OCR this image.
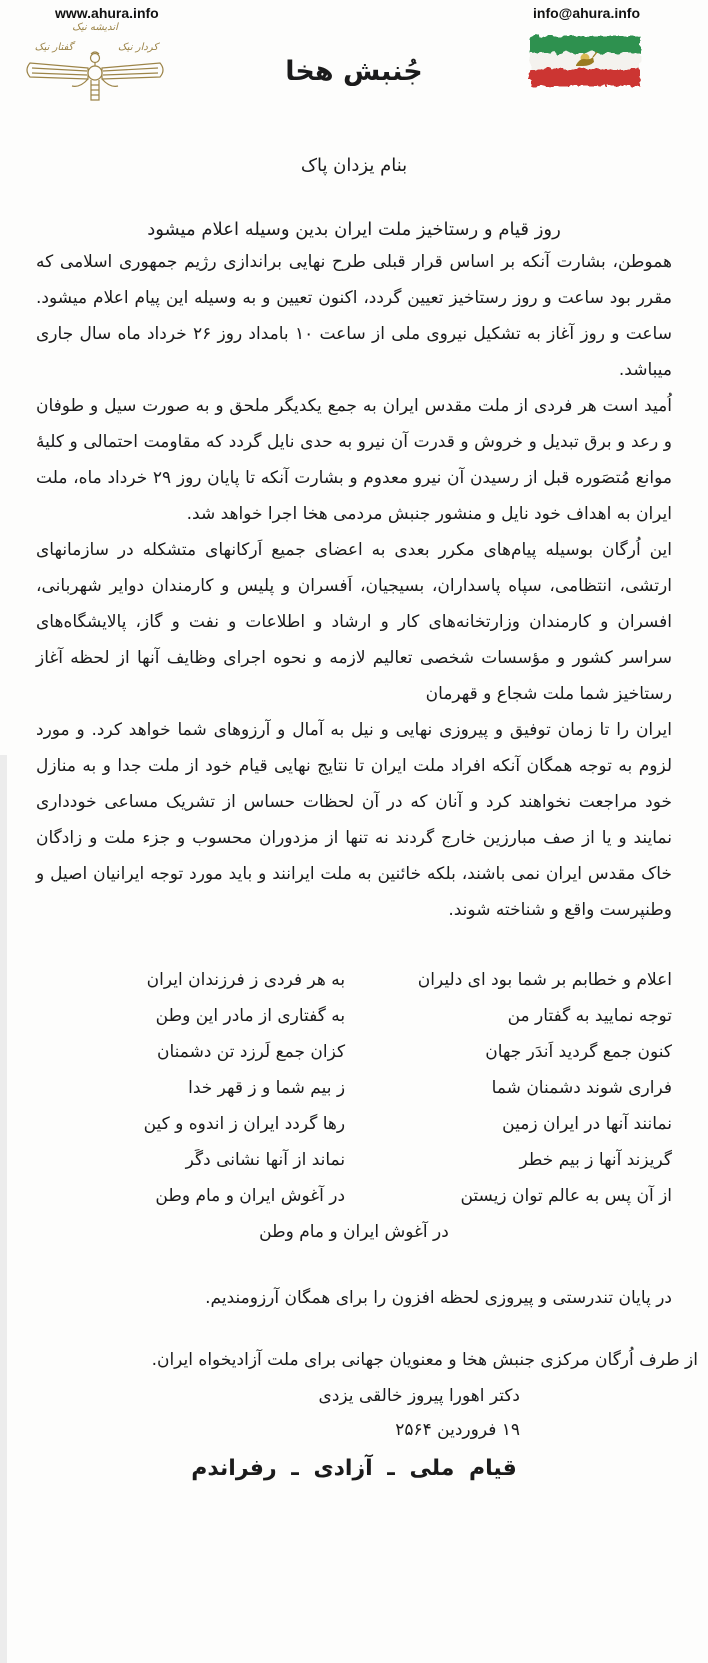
www.ahura.info	info@ahura.info
اندیشه نیک
گفتار نیک	کردار نیک
جُنبش هخا
بنام یزدان پاک
روز قیام و رستاخیز ملت ایران بدین وسیله اعلام میشود

هموطن، بشارت آنکه بر اساس قرار قبلی طرح نهایی براندازی رژیم جمهوری اسلامی که مقرر بود ساعت و روز رستاخیز تعیین گردد، اکنون تعیین و به وسیله این پیام اعلام میشود. ساعت و روز آغاز به تشکیل نیروی ملی از ساعت ۱۰ بامداد روز ۲۶ خرداد ماه سال جاری میباشد.

اُمید است هر فردی از ملت مقدس ایران به جمع یکدیگر ملحق و به صورت سیل و طوفان و رعد و برق تبدیل و خروش و قدرت آن نیرو به حدی نایل گردد که مقاومت احتمالی و کلیهٔ موانع مُتصَوره قبل از رسیدن آن نیرو معدوم و بشارت آنکه تا پایان روز ۲۹ خرداد ماه، ملت ایران به اهداف خود نایل و منشور جنبش مردمی هخا اجرا خواهد شد.

این اُرگان بوسیله پیام‌های مکرر بعدی به اعضای جمیع اَرکانهای متشکله در سازمانهای ارتشی، انتظامی، سپاه پاسداران، بسیجیان، اَفسران و پلیس و کارمندان دوایر شهربانی، افسران و کارمندان وزارتخانه‌های کار و ارشاد و اطلاعات و نفت و گاز، پالایشگاه‌های سراسر کشور و مؤسسات شخصی تعالیم لازمه و نحوه اجرای وظایف آنها از لحظه آغاز رستاخیز شما ملت شجاع و قهرمان

ایران را تا زمان توفیق و پیروزی نهایی و نیل به آمال و آرزوهای شما خواهد کرد. و مورد لزوم به توجه همگان آنکه افراد ملت ایران تا نتایج نهایی قیام خود از ملت جدا و به منازل خود مراجعت نخواهند کرد و آنان که در آن لحظات حساس از تشریک مساعی خودداری نمایند و یا از صف مبارزین خارج گردند نه تنها از مزدوران محسوب و جزء ملت و زادگان خاک مقدس ایران نمی باشند، بلکه خائنین به ملت ایرانند و باید مورد توجه ایرانیان اصیل و وطنپرست واقع و شناخته شوند.

اعلام و خطابم بر شما بود ای دلیران
به هر فردی ز فرزندان ایران
توجه نمایید به گفتار من
به گفتاری از مادر این وطن
کنون جمع گردید اَندَر جهان
کزان جمع لَرزد تن دشمنان
فراری شوند دشمنان شما
ز بیم شما و ز قهر خدا
نمانند آنها در ایران زمین
رها گردد ایران ز اندوه و کین
گریزند آنها ز بیم خطر
نماند از آنها نشانی دگَر
از آن پس به عالم توان زیستن
در آغوش ایران و مام وطن
در آغوش ایران و مام وطن
در پایان تندرستی و پیروزی لحظه افزون را برای همگان آرزومندیم.
از طرف اُرگان مرکزی جنبش هخا و معنویان جهانی برای ملت آزادیخواه ایران.
دکتر اهورا پیروز خالقی یزدی
۱۹ فروردین ۲۵۶۴
قیام ملی ـ آزادی ـ رفراندم
